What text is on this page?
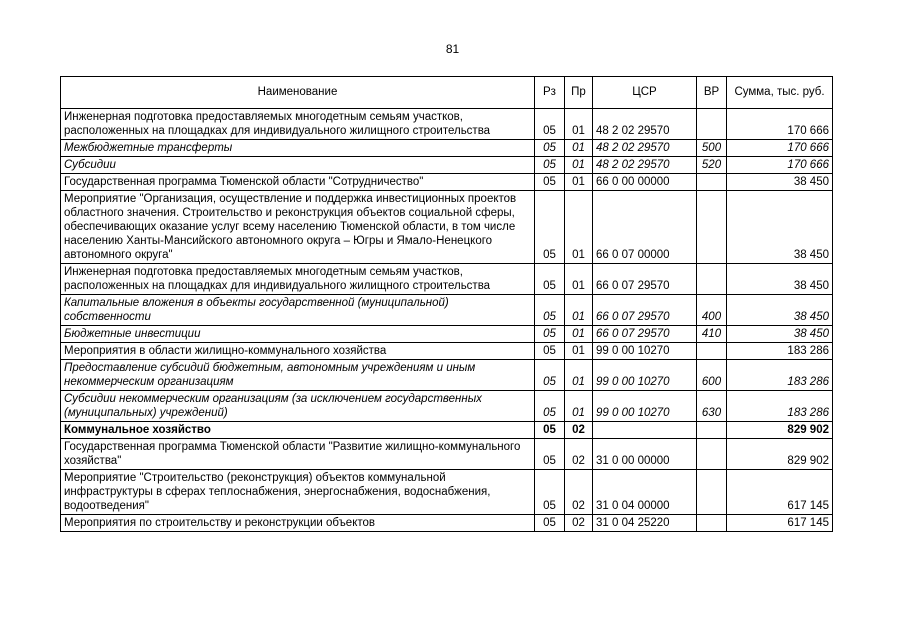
81
Наименование	Рз	Пр	ЦСР	ВР	Сумма, тыс. руб.
Инженерная подготовка предоставляемых многодетным семьям участков, расположенных на площадках для индивидуального жилищного строительства	05	01	48 2 02 29570		170 666
Межбюджетные трансферты	05	01	48 2 02 29570	500	170 666
Субсидии	05	01	48 2 02 29570	520	170 666
Государственная программа Тюменской области "Сотрудничество"	05	01	66 0 00 00000		38 450
Мероприятие "Организация, осуществление и поддержка инвестиционных проектов областного значения. Строительство и реконструкция объектов социальной сферы, обеспечивающих оказание услуг всему населению Тюменской области, в том числе населению Ханты-Мансийского автономного округа – Югры и Ямало-Ненецкого автономного округа"	05	01	66 0 07 00000		38 450
Инженерная подготовка предоставляемых многодетным семьям участков, расположенных на площадках для индивидуального жилищного строительства	05	01	66 0 07 29570		38 450
Капитальные вложения в объекты государственной (муниципальной) собственности	05	01	66 0 07 29570	400	38 450
Бюджетные инвестиции	05	01	66 0 07 29570	410	38 450
Мероприятия в области жилищно-коммунального хозяйства	05	01	99 0 00 10270		183 286
Предоставление субсидий бюджетным, автономным учреждениям и иным некоммерческим организациям	05	01	99 0 00 10270	600	183 286
Субсидии некоммерческим организациям (за исключением государственных (муниципальных) учреждений)	05	01	99 0 00 10270	630	183 286
Коммунальное хозяйство	05	02			829 902
Государственная программа Тюменской области "Развитие жилищно-коммунального хозяйства"	05	02	31 0 00 00000		829 902
Мероприятие "Строительство (реконструкция) объектов коммунальной инфраструктуры в сферах теплоснабжения, энергоснабжения, водоснабжения, водоотведения"	05	02	31 0 04 00000		617 145
Мероприятия по строительству и реконструкции объектов	05	02	31 0 04 25220		617 145
